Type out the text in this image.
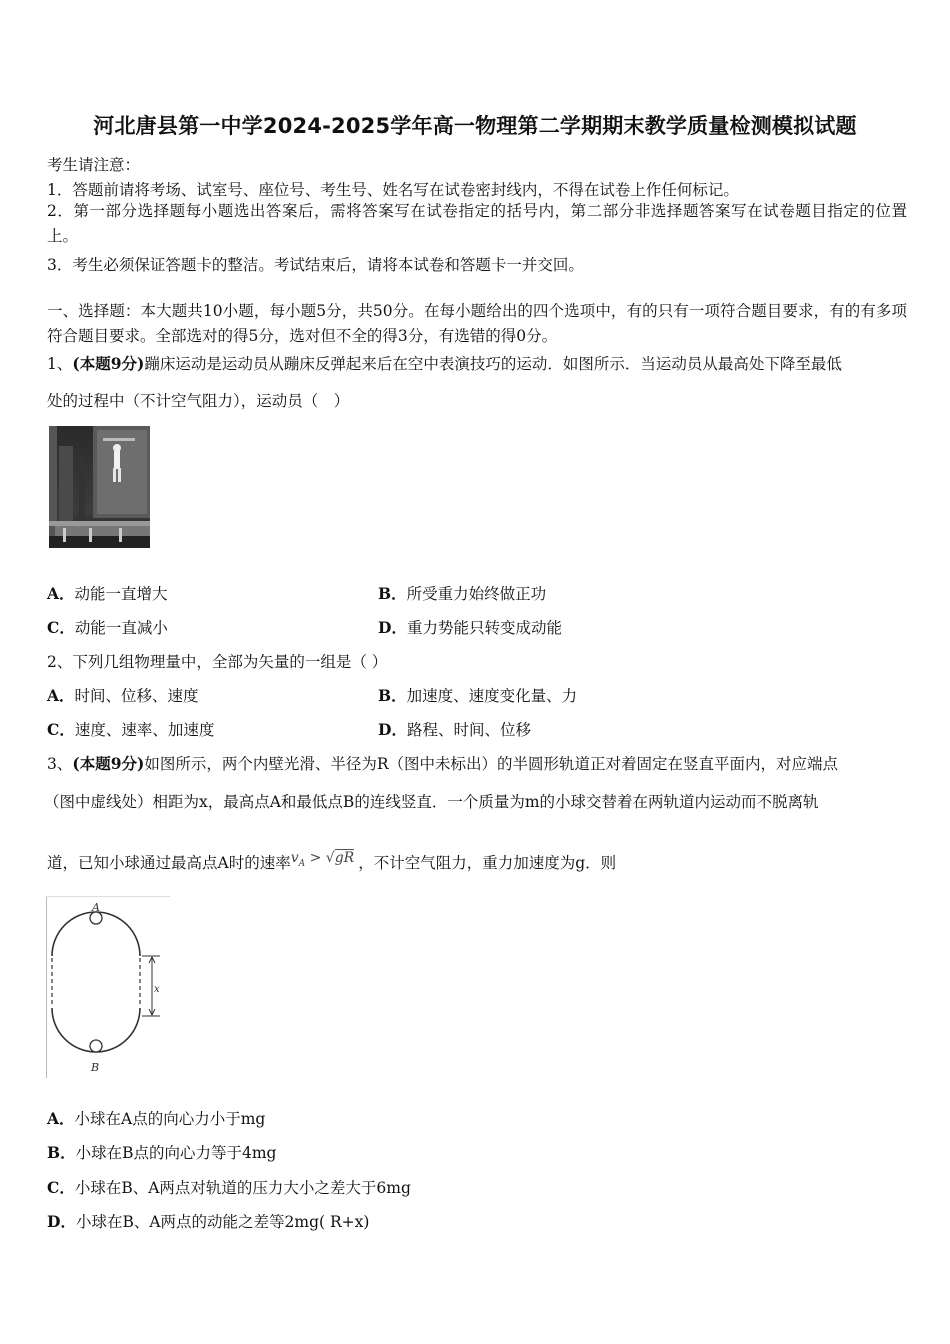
河北唐县第一中学2024-2025学年高一物理第二学期期末教学质量检测模拟试题
考生请注意：
1．答题前请将考场、试室号、座位号、考生号、姓名写在试卷密封线内，不得在试卷上作任何标记。
2．第一部分选择题每小题选出答案后，需将答案写在试卷指定的括号内，第二部分非选择题答案写在试卷题目指定的位置上。
3．考生必须保证答题卡的整洁。考试结束后，请将本试卷和答题卡一并交回。
一、选择题：本大题共10小题，每小题5分，共50分。在每小题给出的四个选项中，有的只有一项符合题目要求，有的有多项符合题目要求。全部选对的得5分，选对但不全的得3分，有选错的得0分。
1、(本题9分)蹦床运动是运动员从蹦床反弹起来后在空中表演技巧的运动．如图所示．当运动员从最高处下降至最低
处的过程中（不计空气阻力），运动员（　）
A．动能一直增大	B．所受重力始终做正功
C．动能一直减小	D．重力势能只转变成动能
2、下列几组物理量中，全部为矢量的一组是（ ）
A．时间、位移、速度	B．加速度、速度变化量、力
C．速度、速率、加速度	D．路程、时间、位移
3、(本题9分)如图所示，两个内壁光滑、半径为R（图中未标出）的半圆形轨道正对着固定在竖直平面内，对应端点
（图中虚线处）相距为x，最高点A和最低点B的连线竖直．一个质量为m的小球交替着在两轨道内运动而不脱离轨
道，已知小球通过最高点A时的速率$v_A > √gR$ ，不计空气阻力，重力加速度为g．则
A
B
x
A．小球在A点的向心力小于mg
B．小球在B点的向心力等于4mg
C．小球在B、A两点对轨道的压力大小之差大于6mg
D．小球在B、A两点的动能之差等2mg( R+x)
